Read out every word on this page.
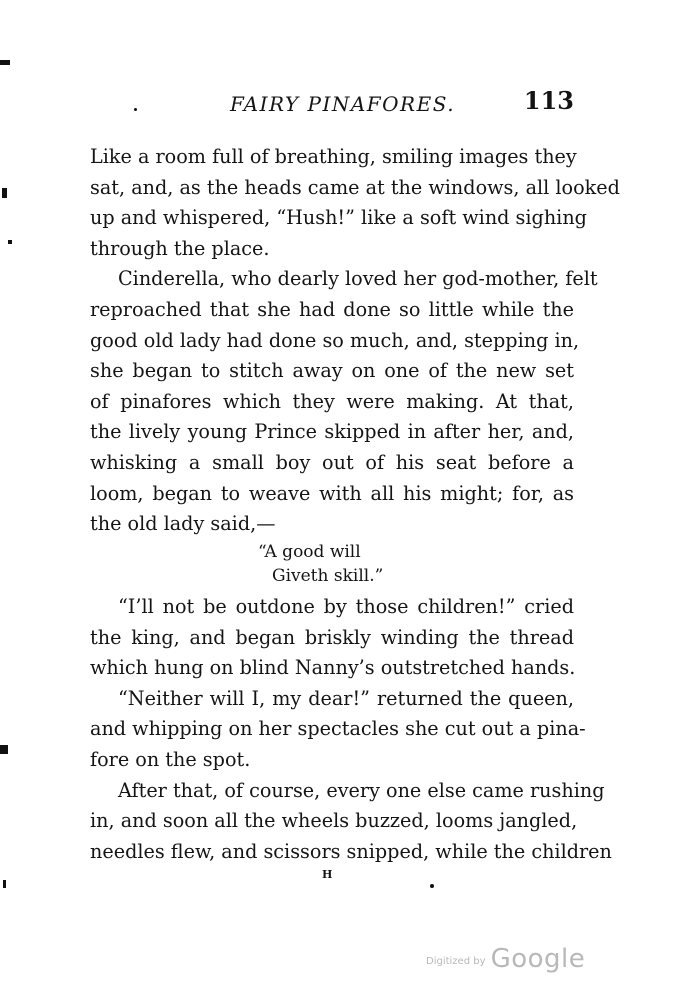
FAIRY PINAFORES.	113
Like a room full of breathing, smiling images they
sat, and, as the heads came at the windows, all looked
up and whispered, “Hush!” like a soft wind sighing
through the place.
Cinderella, who dearly loved her god-mother, felt
reproached that she had done so little while the
good old lady had done so much, and, stepping in,
she began to stitch away on one of the new set
of pinafores which they were making. At that,
the lively young Prince skipped in after her, and,
whisking a small boy out of his seat before a
loom, began to weave with all his might; for, as
the old lady said,—
“A good will
Giveth skill.”
“I’ll not be outdone by those children!” cried
the king, and began briskly winding the thread
which hung on blind Nanny’s outstretched hands.
“Neither will I, my dear!” returned the queen,
and whipping on her spectacles she cut out a pina-
fore on the spot.
After that, of course, every one else came rushing
in, and soon all the wheels buzzed, looms jangled,
needles flew, and scissors snipped, while the children
H
Digitized by Google
